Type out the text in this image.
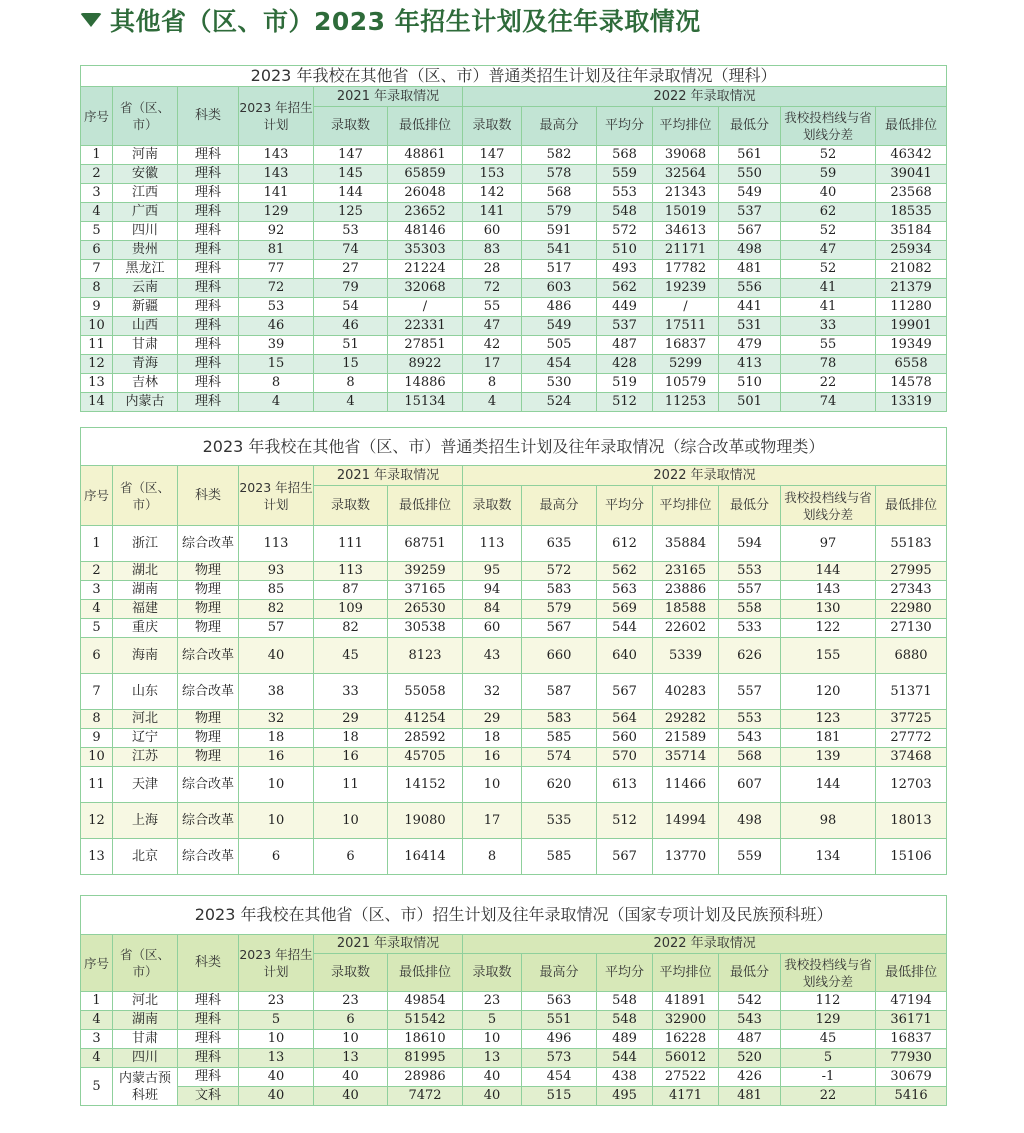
其他省（区、市）2023 年招生计划及往年录取情况
2023 年我校在其他省（区、市）普通类招生计划及往年录取情况（理科）												
序号	省（区、市）	科类	2023 年招生计划	2021 年录取情况		2022 年录取情况						
				录取数	最低排位	录取数	最高分	平均分	平均排位	最低分	我校投档线与省划线分差	最低排位
1	河南	理科	143	147	48861	147	582	568	39068	561	52	46342
2	安徽	理科	143	145	65859	153	578	559	32564	550	59	39041
3	江西	理科	141	144	26048	142	568	553	21343	549	40	23568
4	广西	理科	129	125	23652	141	579	548	15019	537	62	18535
5	四川	理科	92	53	48146	60	591	572	34613	567	52	35184
6	贵州	理科	81	74	35303	83	541	510	21171	498	47	25934
7	黑龙江	理科	77	27	21224	28	517	493	17782	481	52	21082
8	云南	理科	72	79	32068	72	603	562	19239	556	41	21379
9	新疆	理科	53	54	/	55	486	449	/	441	41	11280
10	山西	理科	46	46	22331	47	549	537	17511	531	33	19901
11	甘肃	理科	39	51	27851	42	505	487	16837	479	55	19349
12	青海	理科	15	15	8922	17	454	428	5299	413	78	6558
13	吉林	理科	8	8	14886	8	530	519	10579	510	22	14578
14	内蒙古	理科	4	4	15134	4	524	512	11253	501	74	13319
2023 年我校在其他省（区、市）普通类招生计划及往年录取情况（综合改革或物理类）												
序号	省（区、市）	科类	2023 年招生计划	2021 年录取情况		2022 年录取情况						
				录取数	最低排位	录取数	最高分	平均分	平均排位	最低分	我校投档线与省划线分差	最低排位
1	浙江	综合改革	113	111	68751	113	635	612	35884	594	97	55183
2	湖北	物理	93	113	39259	95	572	562	23165	553	144	27995
3	湖南	物理	85	87	37165	94	583	563	23886	557	143	27343
4	福建	物理	82	109	26530	84	579	569	18588	558	130	22980
5	重庆	物理	57	82	30538	60	567	544	22602	533	122	27130
6	海南	综合改革	40	45	8123	43	660	640	5339	626	155	6880
7	山东	综合改革	38	33	55058	32	587	567	40283	557	120	51371
8	河北	物理	32	29	41254	29	583	564	29282	553	123	37725
9	辽宁	物理	18	18	28592	18	585	560	21589	543	181	27772
10	江苏	物理	16	16	45705	16	574	570	35714	568	139	37468
11	天津	综合改革	10	11	14152	10	620	613	11466	607	144	12703
12	上海	综合改革	10	10	19080	17	535	512	14994	498	98	18013
13	北京	综合改革	6	6	16414	8	585	567	13770	559	134	15106
2023 年我校在其他省（区、市）招生计划及往年录取情况（国家专项计划及民族预科班）												
序号	省（区、市）	科类	2023 年招生计划	2021 年录取情况		2022 年录取情况						
				录取数	最低排位	录取数	最高分	平均分	平均排位	最低分	我校投档线与省划线分差	最低排位
1	河北	理科	23	23	49854	23	563	548	41891	542	112	47194
4	湖南	理科	5	6	51542	5	551	548	32900	543	129	36171
3	甘肃	理科	10	10	18610	10	496	489	16228	487	45	16837
4	四川	理科	13	13	81995	13	573	544	56012	520	5	77930
5	内蒙古预科班	理科	40	40	28986	40	454	438	27522	426	-1	30679
		文科	40	40	7472	40	515	495	4171	481	22	5416
